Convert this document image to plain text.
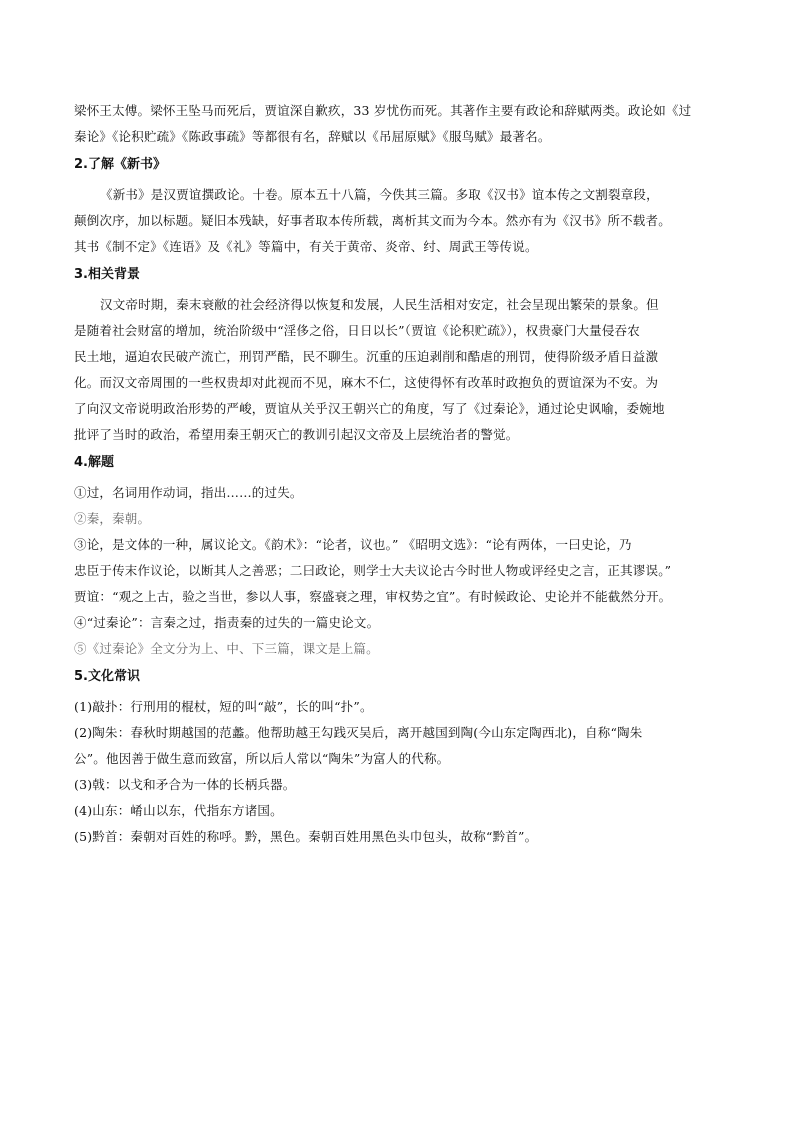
梁怀王太傅。梁怀王坠马而死后，贾谊深自歉疚，33 岁忧伤而死。其著作主要有政论和辞赋两类。政论如《过

秦论》《论积贮疏》《陈政事疏》等都很有名，辞赋以《吊屈原赋》《服鸟赋》最著名。

2.了解《新书》

《新书》是汉贾谊撰政论。十卷。原本五十八篇，今佚其三篇。多取《汉书》谊本传之文割裂章段，

颠倒次序，加以标题。疑旧本残缺，好事者取本传所载，离析其文而为今本。然亦有为《汉书》所不载者。

其书《制不定》《连语》及《礼》等篇中，有关于黄帝、炎帝、纣、周武王等传说。

3.相关背景

汉文帝时期，秦末衰敝的社会经济得以恢复和发展，人民生活相对安定，社会呈现出繁荣的景象。但

是随着社会财富的增加，统治阶级中“淫侈之俗，日日以长”（贾谊《论积贮疏》），权贵豪门大量侵吞农

民土地，逼迫农民破产流亡，刑罚严酷，民不聊生。沉重的压迫剥削和酷虐的刑罚，使得阶级矛盾日益激

化。而汉文帝周围的一些权贵却对此视而不见，麻木不仁，这使得怀有改革时政抱负的贾谊深为不安。为

了向汉文帝说明政治形势的严峻，贾谊从关乎汉王朝兴亡的角度，写了《过秦论》，通过论史讽喻，委婉地

批评了当时的政治，希望用秦王朝灭亡的教训引起汉文帝及上层统治者的警觉。

4.解题

①过，名词用作动词，指出……的过失。

②秦，秦朝。

③论，是文体的一种，属议论文。《韵术》：“论者，议也。” 《昭明文选》：“论有两体，一曰史论，乃

忠臣于传末作议论，以断其人之善恶；二曰政论，则学士大夫议论古今时世人物或评经史之言，正其谬误。”

贾谊：“观之上古，验之当世，参以人事，察盛衰之理，审权势之宜”。有时候政论、史论并不能截然分开。

④“过秦论”：言秦之过，指责秦的过失的一篇史论文。

⑤《过秦论》全文分为上、中、下三篇，课文是上篇。

5.文化常识

(1)敲扑：行刑用的棍杖，短的叫“敲”，长的叫“扑”。

(2)陶朱：春秋时期越国的范蠡。他帮助越王勾践灭吴后，离开越国到陶(今山东定陶西北)，自称“陶朱

公”。他因善于做生意而致富，所以后人常以“陶朱”为富人的代称。

(3)戟：以戈和矛合为一体的长柄兵器。

(4)山东：崤山以东，代指东方诸国。

(5)黔首：秦朝对百姓的称呼。黔，黑色。秦朝百姓用黑色头巾包头，故称“黔首”。
